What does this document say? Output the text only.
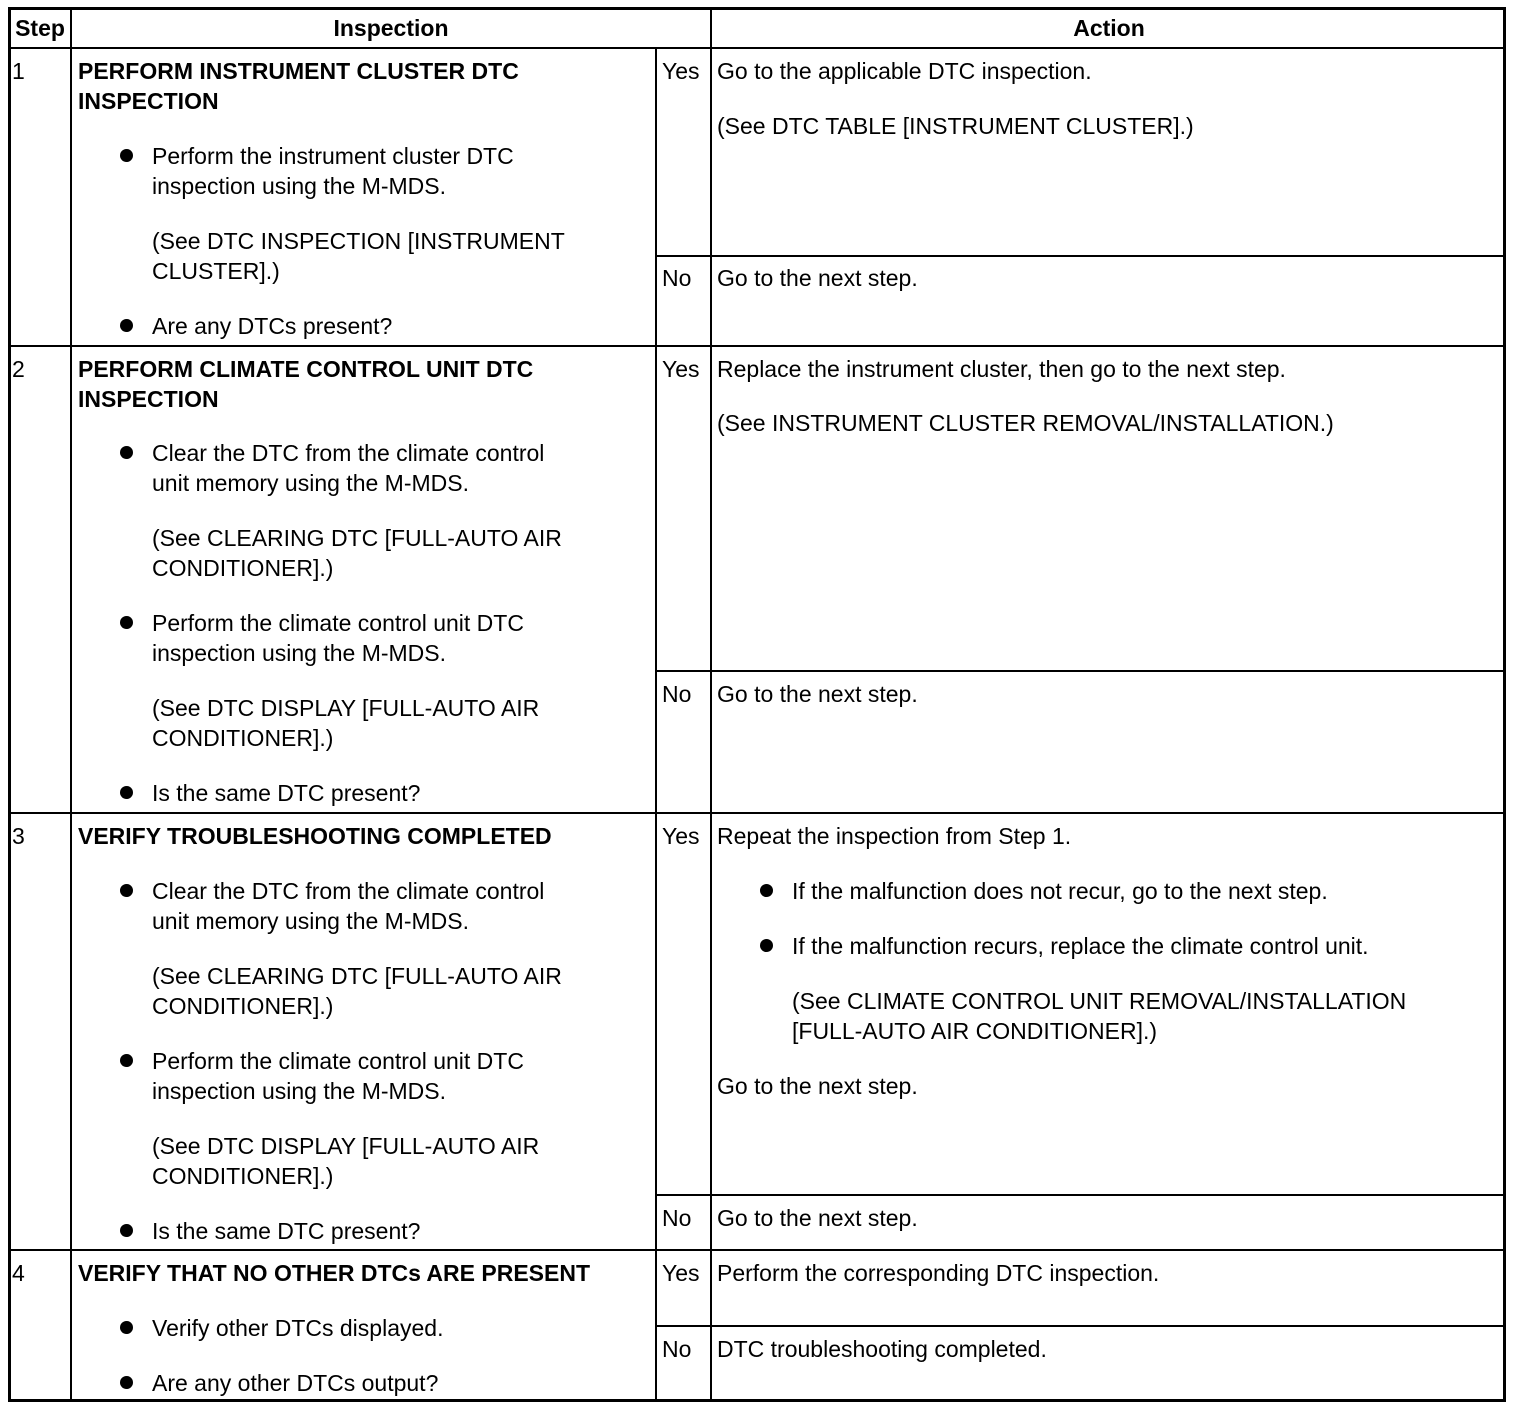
Step	Inspection	Action
1 PERFORM INSTRUMENT CLUSTER DTC
INSPECTION
Perform the instrument cluster DTC
inspection using the M-MDS.
(See DTC INSPECTION [INSTRUMENT
CLUSTER].)
Are any DTCs present?
Yes Go to the applicable DTC inspection.
(See DTC TABLE [INSTRUMENT CLUSTER].)
No Go to the next step.
2 PERFORM CLIMATE CONTROL UNIT DTC
INSPECTION
Clear the DTC from the climate control
unit memory using the M-MDS.
(See CLEARING DTC [FULL-AUTO AIR
CONDITIONER].)
Perform the climate control unit DTC
inspection using the M-MDS.
(See DTC DISPLAY [FULL-AUTO AIR
CONDITIONER].)
Is the same DTC present?
Yes Replace the instrument cluster, then go to the next step.
(See INSTRUMENT CLUSTER REMOVAL/INSTALLATION.)
No Go to the next step.
3 VERIFY TROUBLESHOOTING COMPLETED
Clear the DTC from the climate control
unit memory using the M-MDS.
(See CLEARING DTC [FULL-AUTO AIR
CONDITIONER].)
Perform the climate control unit DTC
inspection using the M-MDS.
(See DTC DISPLAY [FULL-AUTO AIR
CONDITIONER].)
Is the same DTC present?
Yes Repeat the inspection from Step 1.
If the malfunction does not recur, go to the next step.
If the malfunction recurs, replace the climate control unit.
(See CLIMATE CONTROL UNIT REMOVAL/INSTALLATION
[FULL-AUTO AIR CONDITIONER].)
Go to the next step.
No Go to the next step.
4 VERIFY THAT NO OTHER DTCs ARE PRESENT
Verify other DTCs displayed.
Are any other DTCs output?
Yes Perform the corresponding DTC inspection.
No DTC troubleshooting completed.
